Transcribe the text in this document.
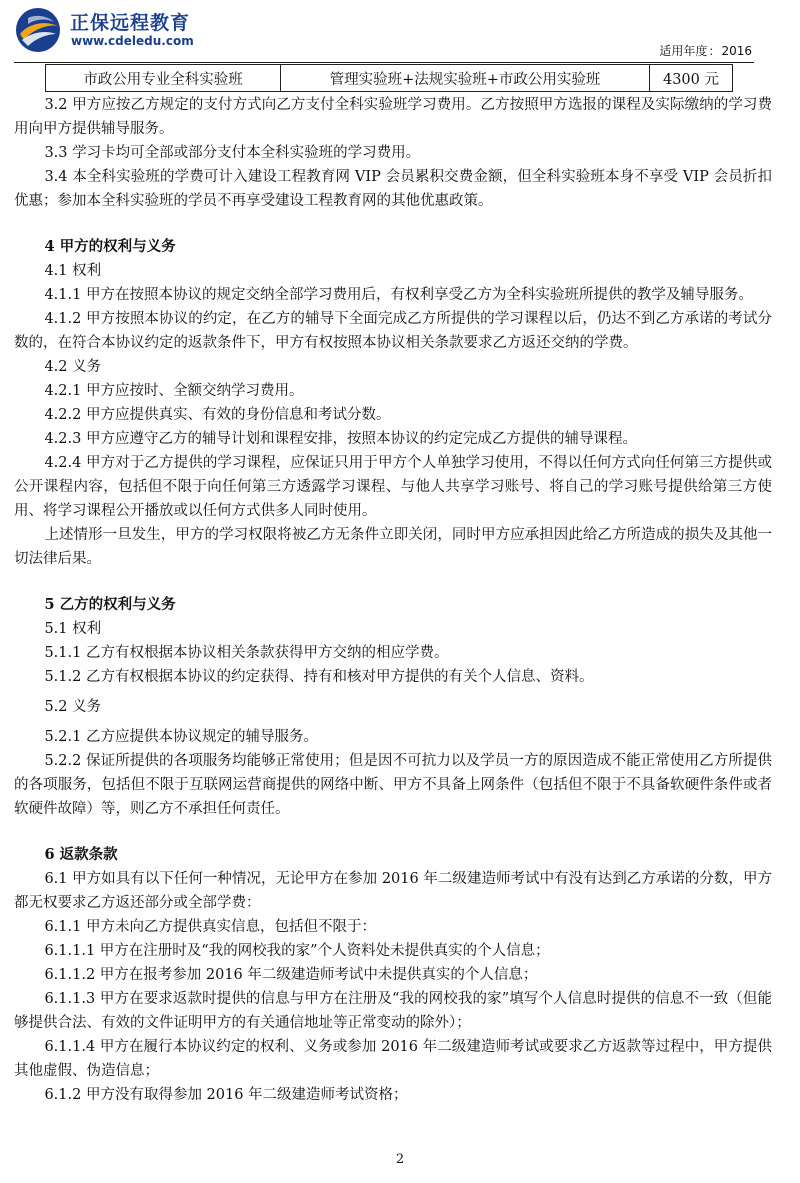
正保远程教育
www.cdeledu.com
适用年度：2016
市政公用专业全科实验班	管理实验班+法规实验班+市政公用实验班	4300 元

3.2 甲方应按乙方规定的支付方式向乙方支付全科实验班学习费用。乙方按照甲方选报的课程及实际缴纳的学习费用向甲方提供辅导服务。

3.3 学习卡均可全部或部分支付本全科实验班的学习费用。

3.4 本全科实验班的学费可计入建设工程教育网 VIP 会员累积交费金额，但全科实验班本身不享受 VIP 会员折扣优惠；参加本全科实验班的学员不再享受建设工程教育网的其他优惠政策。

4 甲方的权利与义务

4.1 权利

4.1.1 甲方在按照本协议的规定交纳全部学习费用后，有权利享受乙方为全科实验班所提供的教学及辅导服务。

4.1.2 甲方按照本协议的约定，在乙方的辅导下全面完成乙方所提供的学习课程以后，仍达不到乙方承诺的考试分数的，在符合本协议约定的返款条件下，甲方有权按照本协议相关条款要求乙方返还交纳的学费。

4.2 义务

4.2.1 甲方应按时、全额交纳学习费用。

4.2.2 甲方应提供真实、有效的身份信息和考试分数。

4.2.3 甲方应遵守乙方的辅导计划和课程安排，按照本协议的约定完成乙方提供的辅导课程。

4.2.4 甲方对于乙方提供的学习课程，应保证只用于甲方个人单独学习使用，不得以任何方式向任何第三方提供或公开课程内容，包括但不限于向任何第三方透露学习课程、与他人共享学习账号、将自己的学习账号提供给第三方使用、将学习课程公开播放或以任何方式供多人同时使用。

上述情形一旦发生，甲方的学习权限将被乙方无条件立即关闭，同时甲方应承担因此给乙方所造成的损失及其他一切法律后果。

5 乙方的权利与义务

5.1 权利

5.1.1 乙方有权根据本协议相关条款获得甲方交纳的相应学费。

5.1.2 乙方有权根据本协议的约定获得、持有和核对甲方提供的有关个人信息、资料。

5.2 义务

5.2.1 乙方应提供本协议规定的辅导服务。

5.2.2 保证所提供的各项服务均能够正常使用；但是因不可抗力以及学员一方的原因造成不能正常使用乙方所提供的各项服务，包括但不限于互联网运营商提供的网络中断、甲方不具备上网条件（包括但不限于不具备软硬件条件或者软硬件故障）等，则乙方不承担任何责任。

6 返款条款

6.1 甲方如具有以下任何一种情况，无论甲方在参加 2016 年二级建造师考试中有没有达到乙方承诺的分数，甲方都无权要求乙方返还部分或全部学费：

6.1.1 甲方未向乙方提供真实信息，包括但不限于：

6.1.1.1 甲方在注册时及“我的网校我的家”个人资料处未提供真实的个人信息；

6.1.1.2 甲方在报考参加 2016 年二级建造师考试中未提供真实的个人信息；

6.1.1.3 甲方在要求返款时提供的信息与甲方在注册及“我的网校我的家”填写个人信息时提供的信息不一致（但能够提供合法、有效的文件证明甲方的有关通信地址等正常变动的除外）；

6.1.1.4 甲方在履行本协议约定的权利、义务或参加 2016 年二级建造师考试或要求乙方返款等过程中，甲方提供其他虚假、伪造信息；

6.1.2 甲方没有取得参加 2016 年二级建造师考试资格；

2
